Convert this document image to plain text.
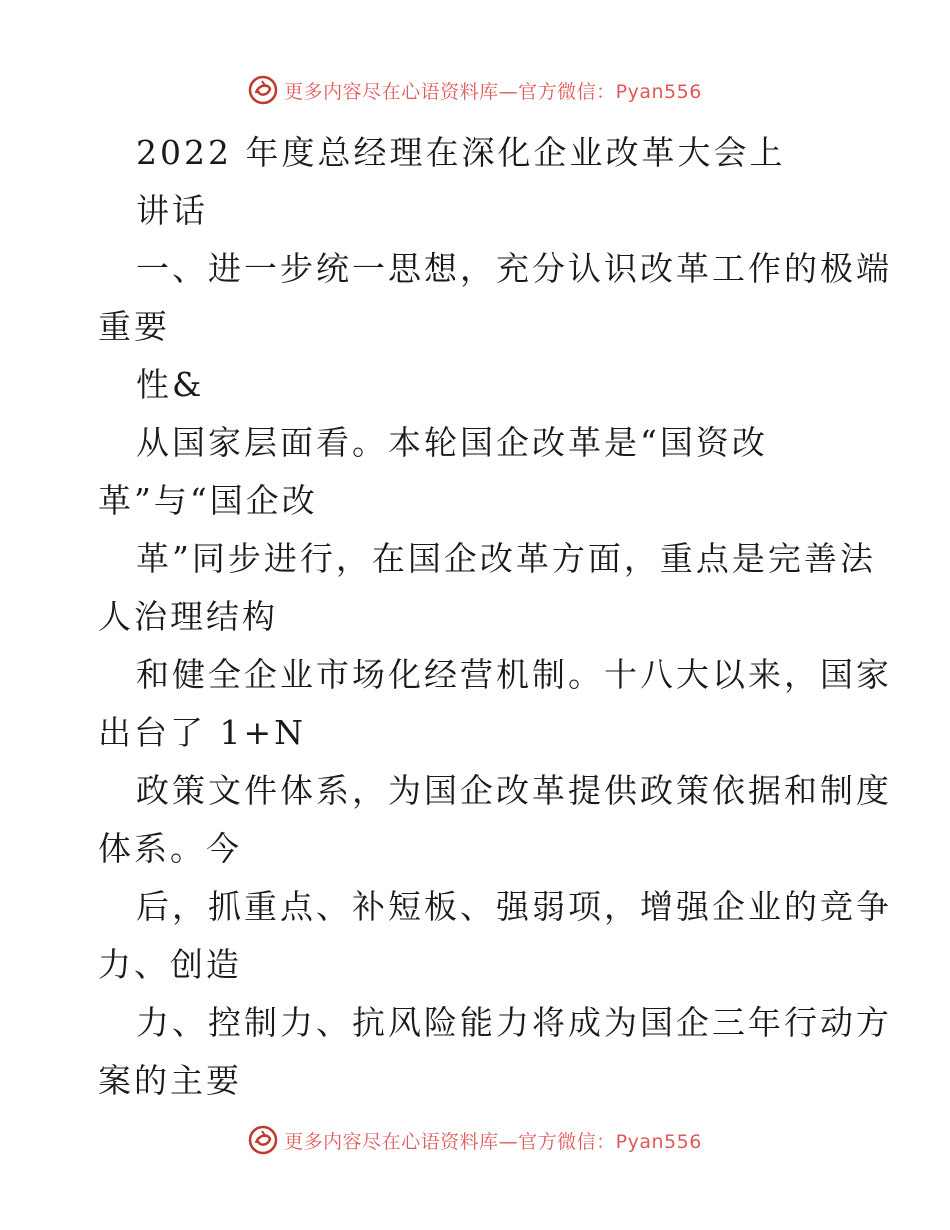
更多内容尽在心语资料库—官方微信：Pyan556
2022 年度总经理在深化企业改革大会上
讲话
一、进一步统一思想，充分认识改革工作的极端
重要
性&
从国家层面看。本轮国企改革是“国资改
革”与“国企改
革”同步进行，在国企改革方面，重点是完善法
人治理结构
和健全企业市场化经营机制。十八大以来，国家
出台了 1+N
政策文件体系，为国企改革提供政策依据和制度
体系。今
后，抓重点、补短板、强弱项，增强企业的竞争
力、创造
力、控制力、抗风险能力将成为国企三年行动方
案的主要
更多内容尽在心语资料库—官方微信：Pyan556
